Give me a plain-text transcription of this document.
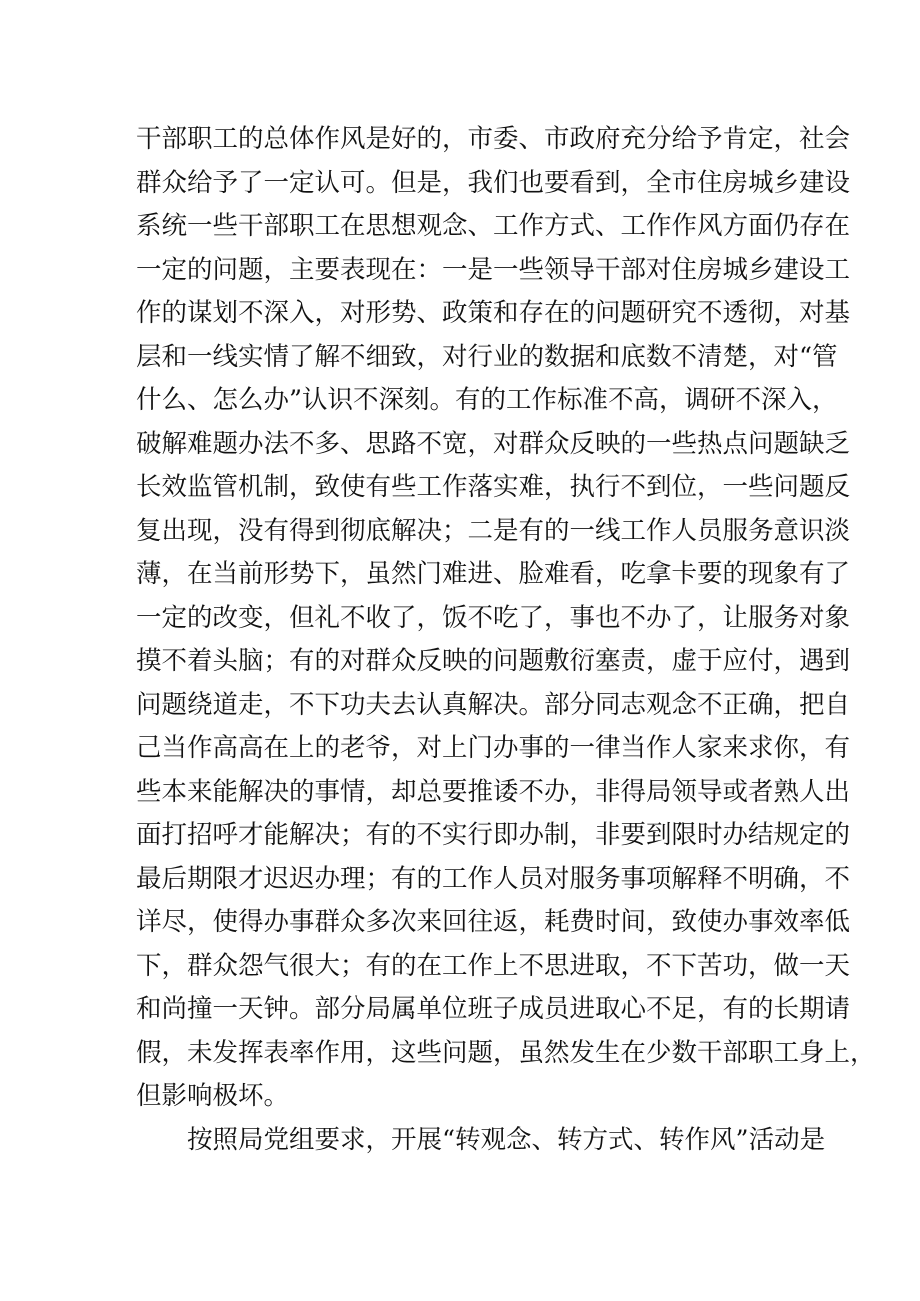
干部职工的总体作风是好的，市委、市政府充分给予肯定，社会
群众给予了一定认可。但是，我们也要看到，全市住房城乡建设
系统一些干部职工在思想观念、工作方式、工作作风方面仍存在
一定的问题，主要表现在：一是一些领导干部对住房城乡建设工
作的谋划不深入，对形势、政策和存在的问题研究不透彻，对基
层和一线实情了解不细致，对行业的数据和底数不清楚，对“管
什么、怎么办”认识不深刻。有的工作标准不高，调研不深入，
破解难题办法不多、思路不宽，对群众反映的一些热点问题缺乏
长效监管机制，致使有些工作落实难，执行不到位，一些问题反
复出现，没有得到彻底解决；二是有的一线工作人员服务意识淡
薄，在当前形势下，虽然门难进、脸难看，吃拿卡要的现象有了
一定的改变，但礼不收了，饭不吃了，事也不办了，让服务对象
摸不着头脑；有的对群众反映的问题敷衍塞责，虚于应付，遇到
问题绕道走，不下功夫去认真解决。部分同志观念不正确，把自
己当作高高在上的老爷，对上门办事的一律当作人家来求你，有
些本来能解决的事情，却总要推诿不办，非得局领导或者熟人出
面打招呼才能解决；有的不实行即办制，非要到限时办结规定的
最后期限才迟迟办理；有的工作人员对服务事项解释不明确，不
详尽，使得办事群众多次来回往返，耗费时间，致使办事效率低
下，群众怨气很大；有的在工作上不思进取，不下苦功，做一天
和尚撞一天钟。部分局属单位班子成员进取心不足，有的长期请
假，未发挥表率作用，这些问题，虽然发生在少数干部职工身上，
但影响极坏。
　　按照局党组要求，开展“转观念、转方式、转作风”活动是
